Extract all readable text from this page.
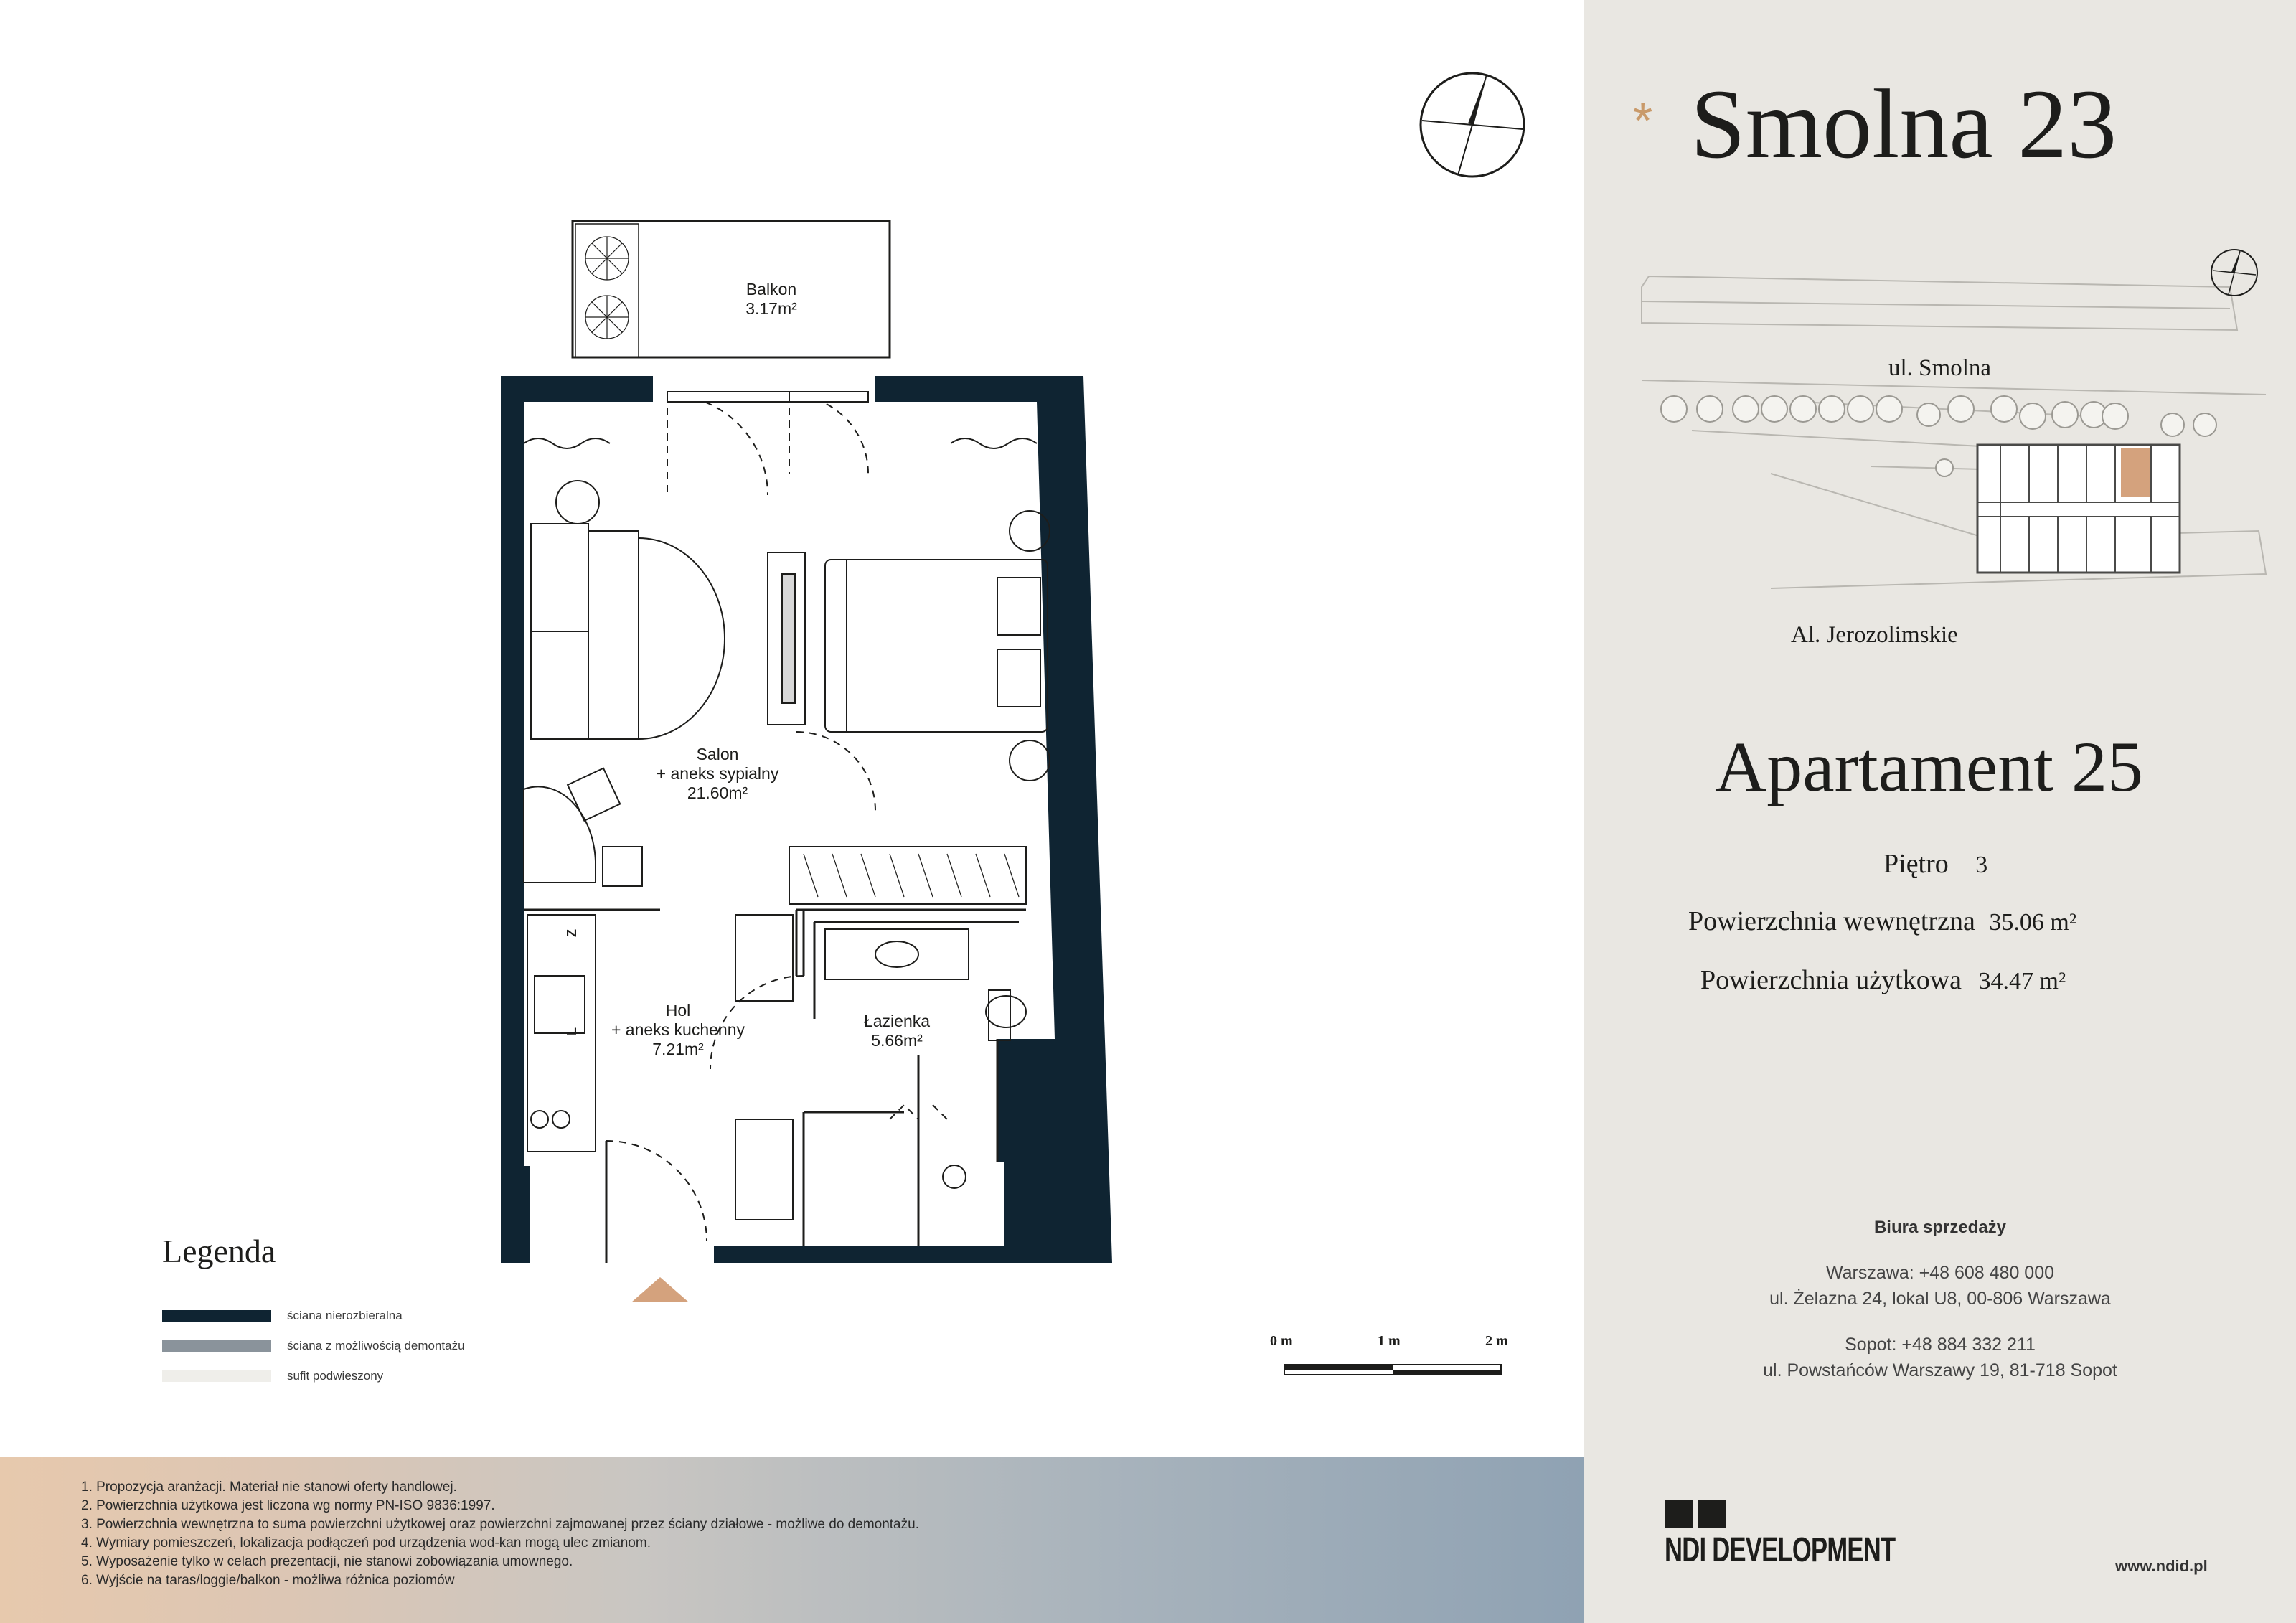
Z
L
Balkon
3.17m²
Salon
+ aneks sypialny
21.60m²
Hol
+ aneks kuchenny
7.21m²
Łazienka
5.66m²
Legenda
ściana nierozbieralna
ściana z możliwością demontażu
sufit podwieszony
0 m	1 m	2 m
1. Propozycja aranżacji. Materiał nie stanowi oferty handlowej.
2. Powierzchnia użytkowa jest liczona wg normy PN-ISO 9836:1997.
3. Powierzchnia wewnętrzna to suma powierzchni użytkowej oraz powierzchni zajmowanej przez ściany działowe - możliwe do demontażu.
4. Wymiary pomieszczeń, lokalizacja podłączeń pod urządzenia wod-kan mogą ulec zmianom.
5. Wyposażenie tylko w celach prezentacji, nie stanowi zobowiązania umownego.
6. Wyjście na taras/loggie/balkon - możliwa różnica poziomów
* Smolna 23
ul. Smolna
Al. Jerozolimskie
Apartament 25
Piętro 3
Powierzchnia wewnętrzna 35.06 m²
Powierzchnia użytkowa 34.47 m²
Biura sprzedaży
Warszawa: +48 608 480 000
ul. Żelazna 24, lokal U8, 00-806 Warszawa
Sopot: +48 884 332 211
ul. Powstańców Warszawy 19, 81-718 Sopot
NDI DEVELOPMENT	www.ndid.pl
